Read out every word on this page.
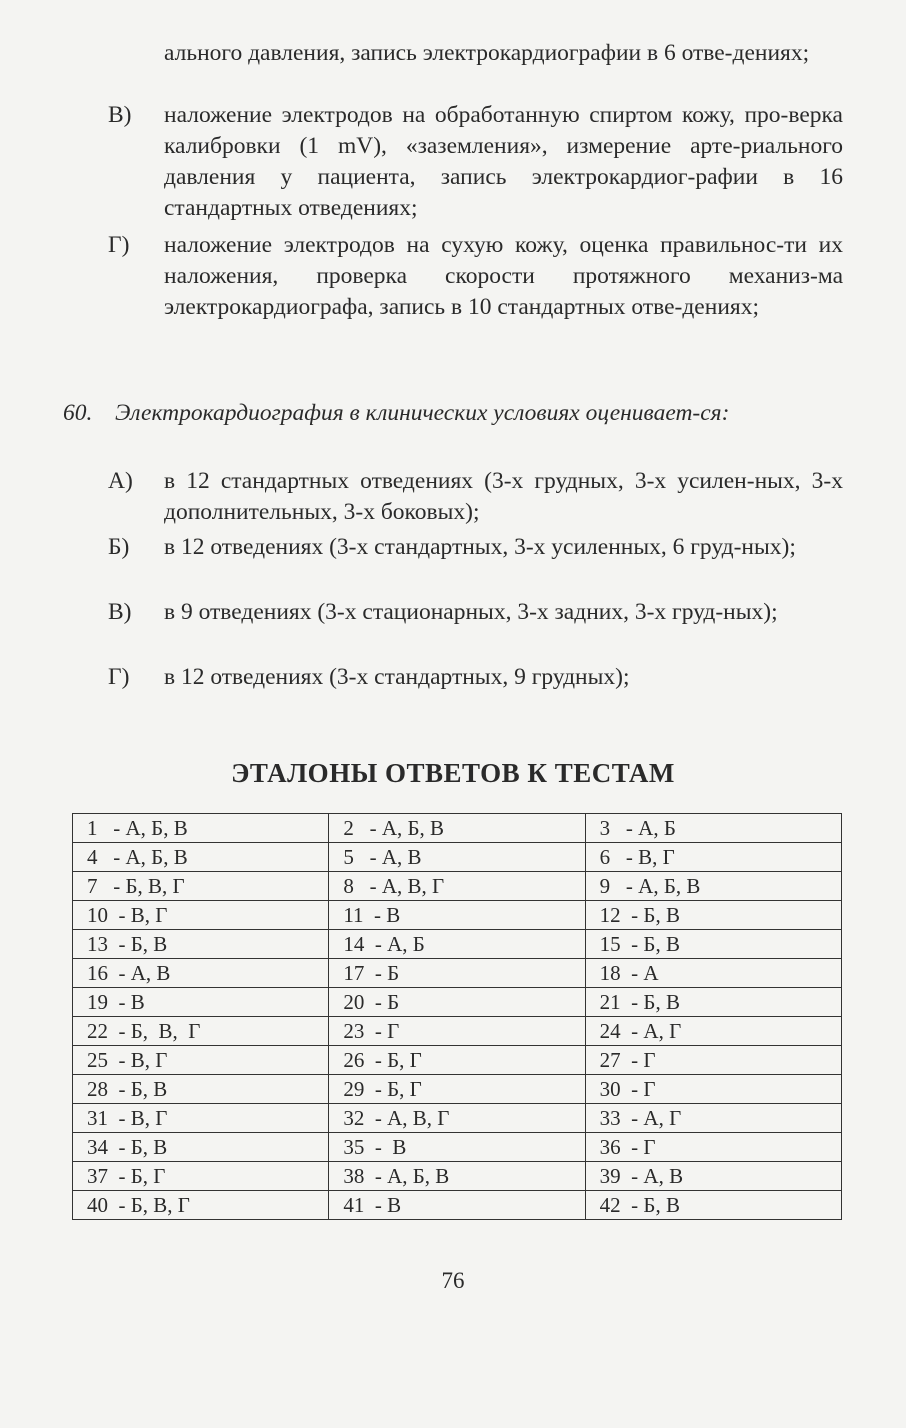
ального давления, запись электрокардиографии в 6 отве-дениях;
В)	наложение электродов на обработанную спиртом кожу, про-верка калибровки (1 mV), «заземления», измерение арте-риального давления у пациента, запись электрокардиог-рафии в 16 стандартных отведениях;
Г)	наложение электродов на сухую кожу, оценка правильнос-ти их наложения, проверка скорости протяжного механиз-ма электрокардиографа, запись в 10 стандартных отве-дениях;
60. Электрокардиография в клинических условиях оценивает-ся:
А)	в 12 стандартных отведениях (3-х грудных, 3-х усилен-ных, 3-х дополнительных, 3-х боковых);
Б)	в 12 отведениях (3-х стандартных, 3-х усиленных, 6 груд-ных);
В)	в 9 отведениях (3-х стационарных, 3-х задних, 3-х груд-ных);
Г)	в 12 отведениях (3-х стандартных, 9 грудных);
ЭТАЛОНЫ ОТВЕТОВ К ТЕСТАМ
1   - А, Б, В	2   - А, Б, В	3   - А, Б
4   - А, Б, В	5   - А, В	6   - В, Г
7   - Б, В, Г	8   - А, В, Г	9   - А, Б, В
10  - В, Г	11  - В	12  - Б, В
13  - Б, В	14  - А, Б	15  - Б, В
16  - А, В	17  - Б	18  - А
19  - В	20  - Б	21  - Б, В
22  - Б,  В,  Г	23  - Г	24  - А, Г
25  - В, Г	26  - Б, Г	27  - Г
28  - Б, В	29  - Б, Г	30  - Г
31  - В, Г	32  - А, В, Г	33  - А, Г
34  - Б, В	35  -  В	36  - Г
37  - Б, Г	38  - А, Б, В	39  - А, В
40  - Б, В, Г	41  - В	42  - Б, В
76
